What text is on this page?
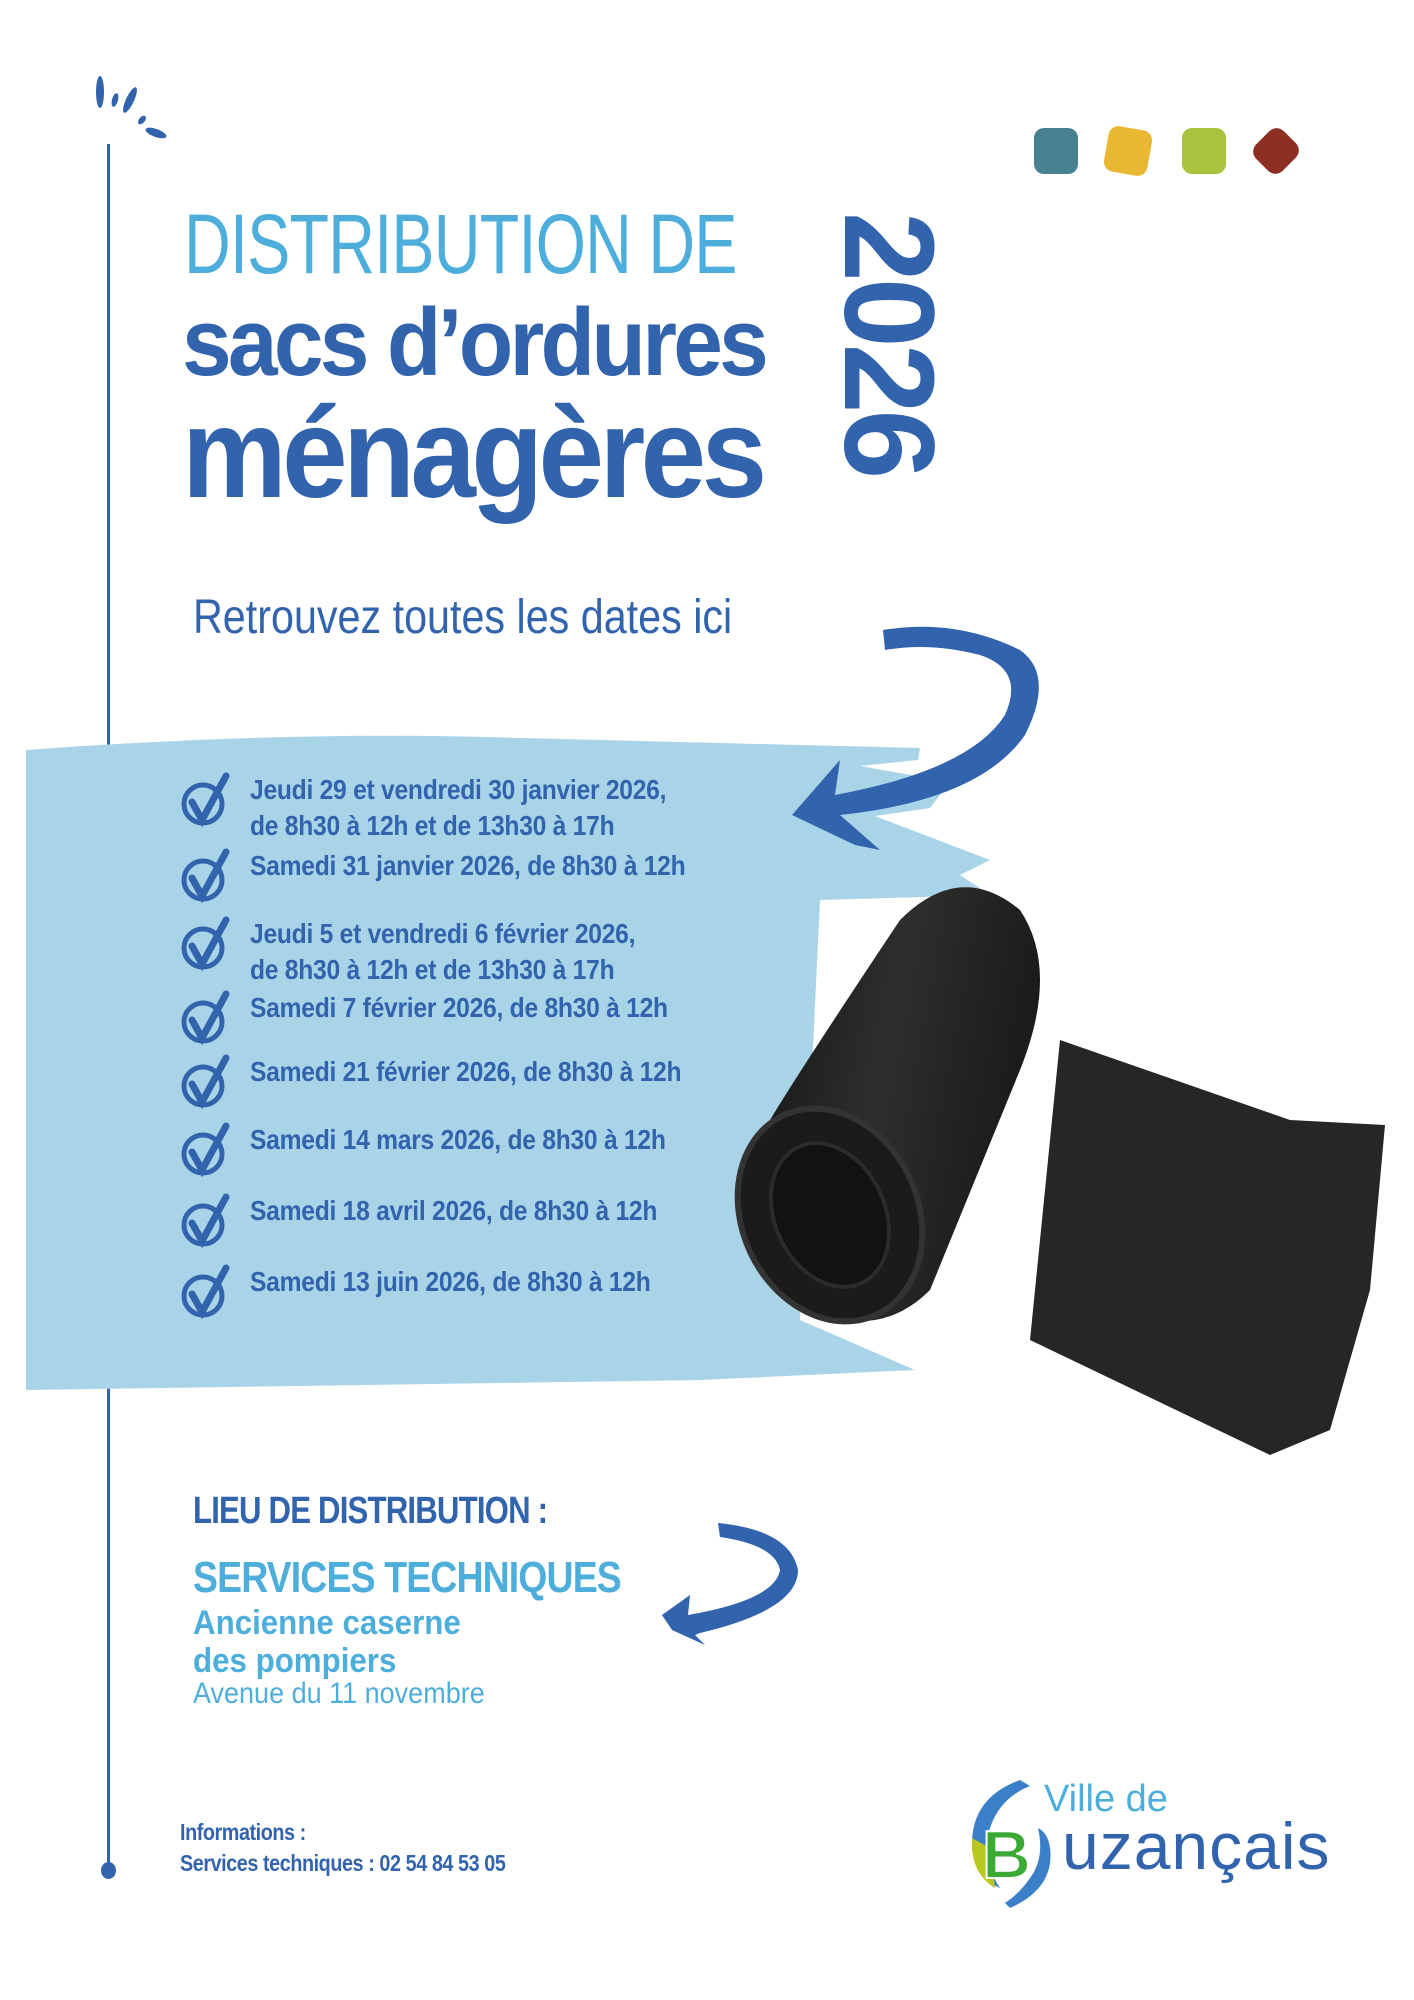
DISTRIBUTION DE
sacs d’ordures
ménagères 2026
Retrouvez toutes les dates ici
Jeudi 29 et vendredi 30 janvier 2026,
de 8h30 à 12h et de 13h30 à 17h
Samedi 31 janvier 2026, de 8h30 à 12h
Jeudi 5 et vendredi 6 février 2026,
de 8h30 à 12h et de 13h30 à 17h
Samedi 7 février 2026, de 8h30 à 12h
Samedi 21 février 2026, de 8h30 à 12h
Samedi 14 mars 2026, de 8h30 à 12h
Samedi 18 avril 2026, de 8h30 à 12h
Samedi 13 juin 2026, de 8h30 à 12h
LIEU DE DISTRIBUTION :
SERVICES TECHNIQUES
Ancienne caserne
des pompiers
Avenue du 11 novembre
Informations :
Services techniques : 02 54 84 53 05	B
Ville de
uzançais
